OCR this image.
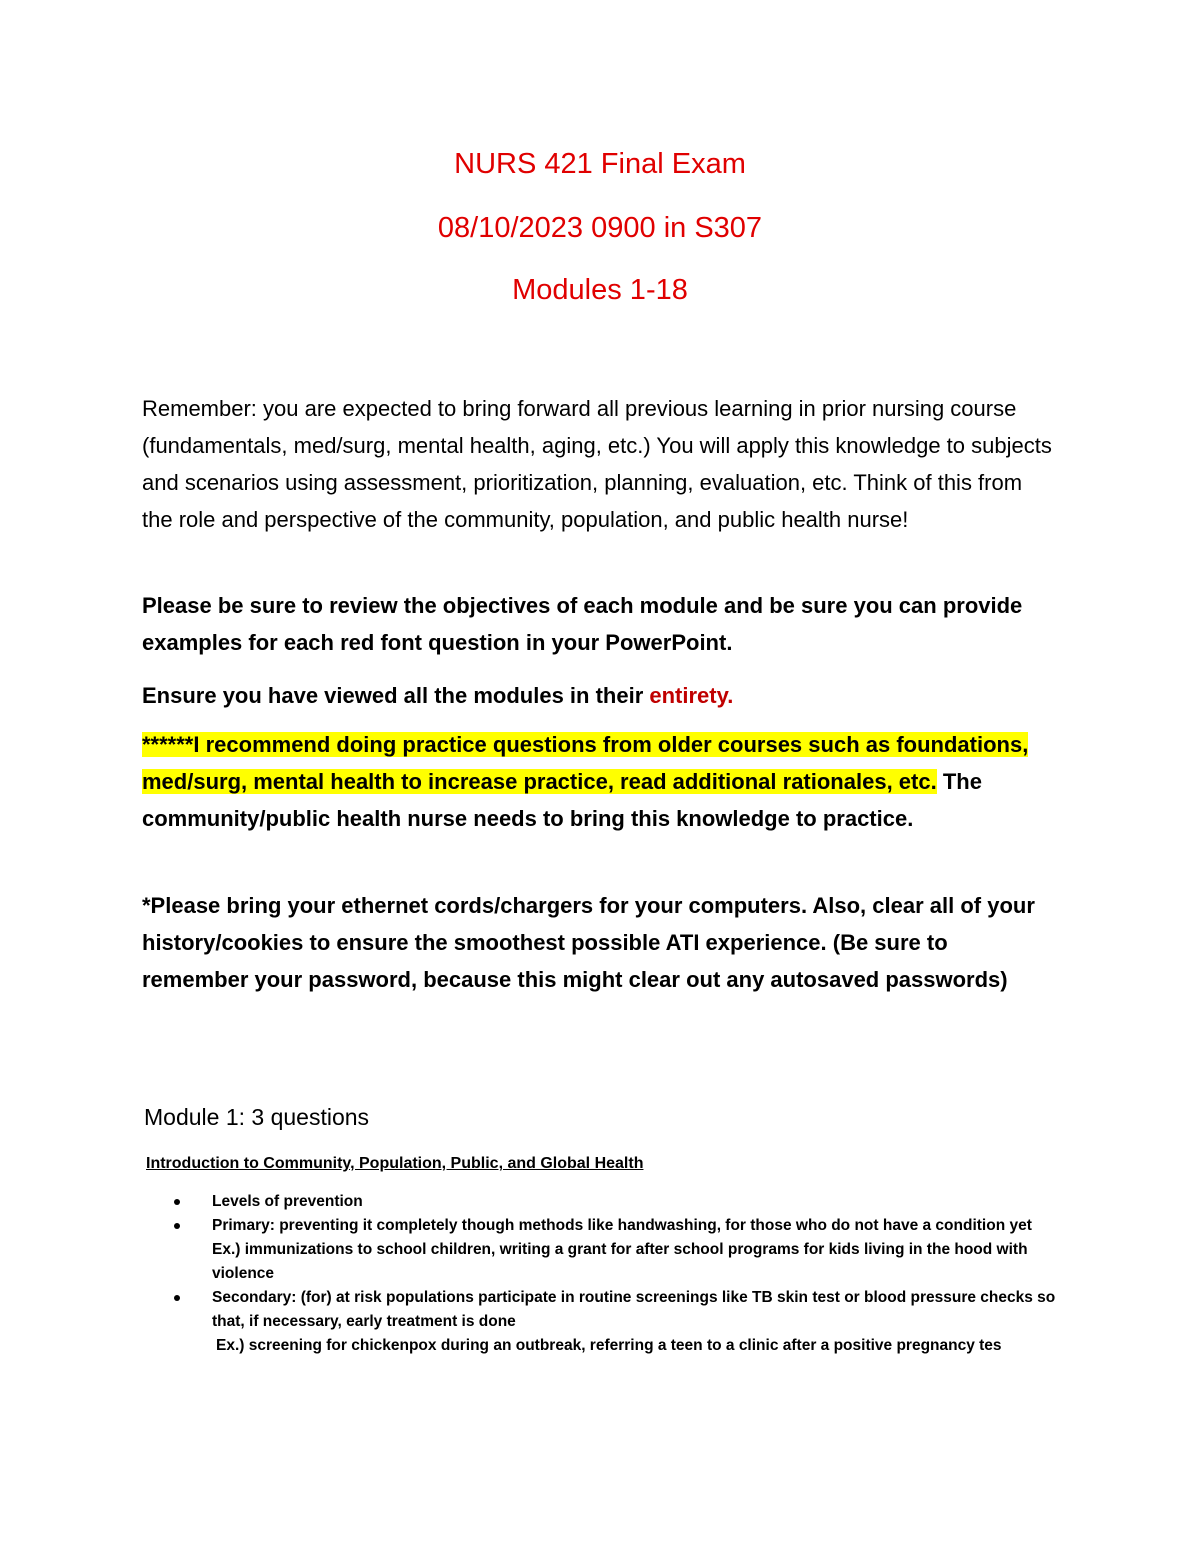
NURS 421 Final Exam
08/10/2023 0900 in S307
Modules 1-18

Remember: you are expected to bring forward all previous learning in prior nursing course (fundamentals, med/surg, mental health, aging, etc.) You will apply this knowledge to subjects and scenarios using assessment, prioritization, planning, evaluation, etc. Think of this from the role and perspective of the community, population, and public health nurse!

Please be sure to review the objectives of each module and be sure you can provide examples for each red font question in your PowerPoint.

Ensure you have viewed all the modules in their entirety.

******I recommend doing practice questions from older courses such as foundations, med/surg, mental health to increase practice, read additional rationales, etc. The community/public health nurse needs to bring this knowledge to practice.

*Please bring your ethernet cords/chargers for your computers. Also, clear all of your history/cookies to ensure the smoothest possible ATI experience. (Be sure to remember your password, because this might clear out any autosaved passwords)

Module 1: 3 questions
Introduction to Community, Population, Public, and Global Health
Levels of prevention
Primary: preventing it completely though methods like handwashing, for those who do not have a condition yet
Ex.) immunizations to school children, writing a grant for after school programs for kids living in the hood with violence
Secondary: (for) at risk populations participate in routine screenings like TB skin test or blood pressure checks so that, if necessary, early treatment is done
Ex.) screening for chickenpox during an outbreak, referring a teen to a clinic after a positive pregnancy tes
